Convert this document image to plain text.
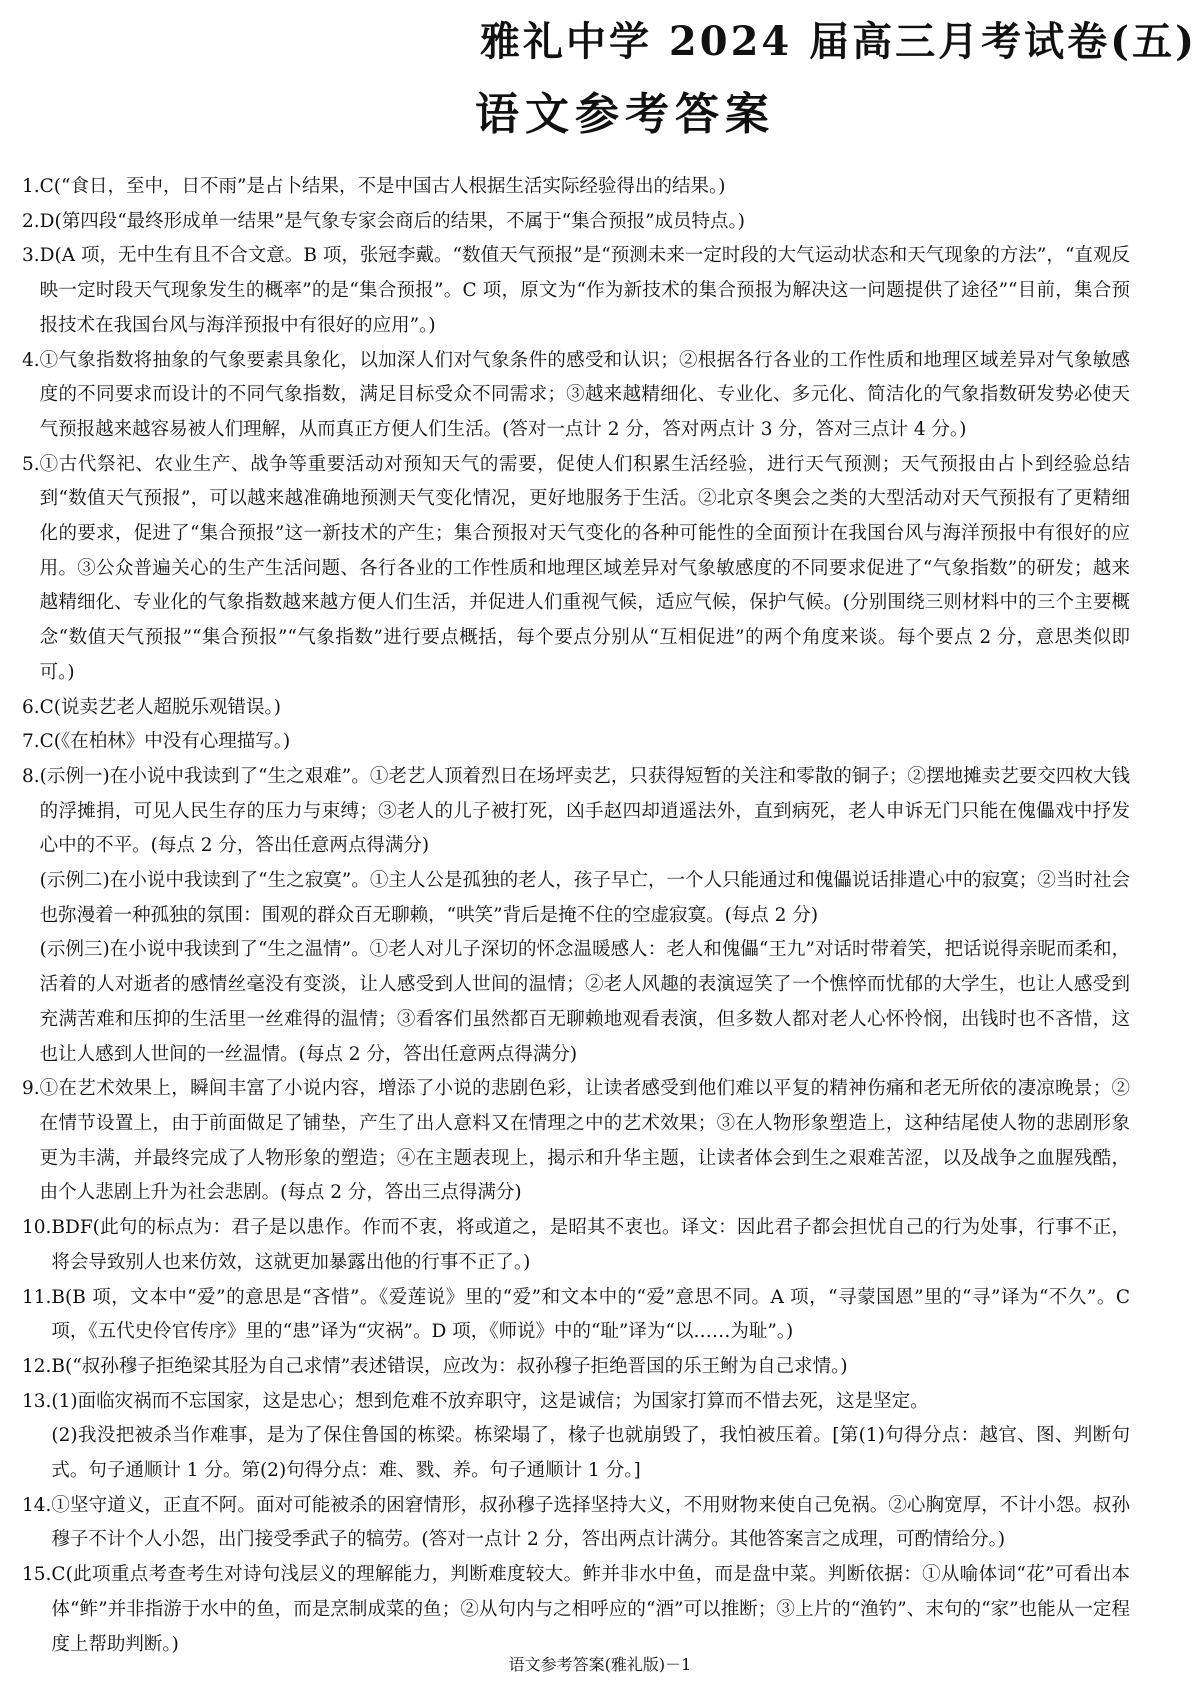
雅礼中学 2024 届高三月考试卷(五)
语文参考答案
1. C(“食日，至中，日不雨”是占卜结果，不是中国古人根据生活实际经验得出的结果。)

2. D(第四段“最终形成单一结果”是气象专家会商后的结果，不属于“集合预报”成员特点。)

3. D(A 项，无中生有且不合文意。B 项，张冠李戴。“数值天气预报”是“预测未来一定时段的大气运动状态和天气现象的方法”，“直观反映一定时段天气现象发生的概率”的是“集合预报”。C 项，原文为“作为新技术的集合预报为解决这一问题提供了途径”“目前，集合预报技术在我国台风与海洋预报中有很好的应用”。)

4. ①气象指数将抽象的气象要素具象化，以加深人们对气象条件的感受和认识；②根据各行各业的工作性质和地理区域差异对气象敏感度的不同要求而设计的不同气象指数，满足目标受众不同需求；③越来越精细化、专业化、多元化、简洁化的气象指数研发势必使天气预报越来越容易被人们理解，从而真正方便人们生活。(答对一点计 2 分，答对两点计 3 分，答对三点计 4 分。)

5. ①古代祭祀、农业生产、战争等重要活动对预知天气的需要，促使人们积累生活经验，进行天气预测；天气预报由占卜到经验总结到“数值天气预报”，可以越来越准确地预测天气变化情况，更好地服务于生活。②北京冬奥会之类的大型活动对天气预报有了更精细化的要求，促进了“集合预报”这一新技术的产生；集合预报对天气变化的各种可能性的全面预计在我国台风与海洋预报中有很好的应用。③公众普遍关心的生产生活问题、各行各业的工作性质和地理区域差异对气象敏感度的不同要求促进了“气象指数”的研发；越来越精细化、专业化的气象指数越来越方便人们生活，并促进人们重视气候，适应气候，保护气候。(分别围绕三则材料中的三个主要概念“数值天气预报”“集合预报”“气象指数”进行要点概括，每个要点分别从“互相促进”的两个角度来谈。每个要点 2 分，意思类似即可。)

6. C(说卖艺老人超脱乐观错误。)

7. C(《在柏林》中没有心理描写。)

8. (示例一)在小说中我读到了“生之艰难”。①老艺人顶着烈日在场坪卖艺，只获得短暂的关注和零散的铜子；②摆地摊卖艺要交四枚大钱的浮摊捐，可见人民生存的压力与束缚；③老人的儿子被打死，凶手赵四却逍遥法外，直到病死，老人申诉无门只能在傀儡戏中抒发心中的不平。(每点 2 分，答出任意两点得满分)

(示例二)在小说中我读到了“生之寂寞”。①主人公是孤独的老人，孩子早亡，一个人只能通过和傀儡说话排遣心中的寂寞；②当时社会也弥漫着一种孤独的氛围：围观的群众百无聊赖，“哄笑”背后是掩不住的空虚寂寞。(每点 2 分)

(示例三)在小说中我读到了“生之温情”。①老人对儿子深切的怀念温暖感人：老人和傀儡“王九”对话时带着笑，把话说得亲昵而柔和，活着的人对逝者的感情丝毫没有变淡，让人感受到人世间的温情；②老人风趣的表演逗笑了一个憔悴而忧郁的大学生，也让人感受到充满苦难和压抑的生活里一丝难得的温情；③看客们虽然都百无聊赖地观看表演，但多数人都对老人心怀怜悯，出钱时也不吝惜，这也让人感到人世间的一丝温情。(每点 2 分，答出任意两点得满分)

9. ①在艺术效果上，瞬间丰富了小说内容，增添了小说的悲剧色彩，让读者感受到他们难以平复的精神伤痛和老无所依的凄凉晚景；②在情节设置上，由于前面做足了铺垫，产生了出人意料又在情理之中的艺术效果；③在人物形象塑造上，这种结尾使人物的悲剧形象更为丰满，并最终完成了人物形象的塑造；④在主题表现上，揭示和升华主题，让读者体会到生之艰难苦涩，以及战争之血腥残酷，由个人悲剧上升为社会悲剧。(每点 2 分，答出三点得满分)

10. BDF(此句的标点为：君子是以患作。作而不衷，将或道之，是昭其不衷也。译文：因此君子都会担忧自己的行为处事，行事不正，将会导致别人也来仿效，这就更加暴露出他的行事不正了。)

11. B(B 项，文本中“爱”的意思是“吝惜”。《爱莲说》里的“爱”和文本中的“爱”意思不同。A 项，“寻蒙国恩”里的“寻”译为“不久”。C 项，《五代史伶官传序》里的“患”译为“灾祸”。D 项，《师说》中的“耻”译为“以……为耻”。)

12. B(“叔孙穆子拒绝梁其胫为自己求情”表述错误，应改为：叔孙穆子拒绝晋国的乐王鲋为自己求情。)

13. (1)面临灾祸而不忘国家，这是忠心；想到危难不放弃职守，这是诚信；为国家打算而不惜去死，这是坚定。

(2)我没把被杀当作难事，是为了保住鲁国的栋梁。栋梁塌了，椽子也就崩毁了，我怕被压着。[第(1)句得分点：越官、图、判断句式。句子通顺计 1 分。第(2)句得分点：难、戮、养。句子通顺计 1 分。]

14. ①坚守道义，正直不阿。面对可能被杀的困窘情形，叔孙穆子选择坚持大义，不用财物来使自己免祸。②心胸宽厚，不计小怨。叔孙穆子不计个人小怨，出门接受季武子的犒劳。(答对一点计 2 分，答出两点计满分。其他答案言之成理，可酌情给分。)

15. C(此项重点考查考生对诗句浅层义的理解能力，判断难度较大。鲊并非水中鱼，而是盘中菜。判断依据：①从喻体词“花”可看出本体“鲊”并非指游于水中的鱼，而是烹制成菜的鱼；②从句内与之相呼应的“酒”可以推断；③上片的“渔钓”、末句的“家”也能从一定程度上帮助判断。)

语文参考答案(雅礼版)－1
